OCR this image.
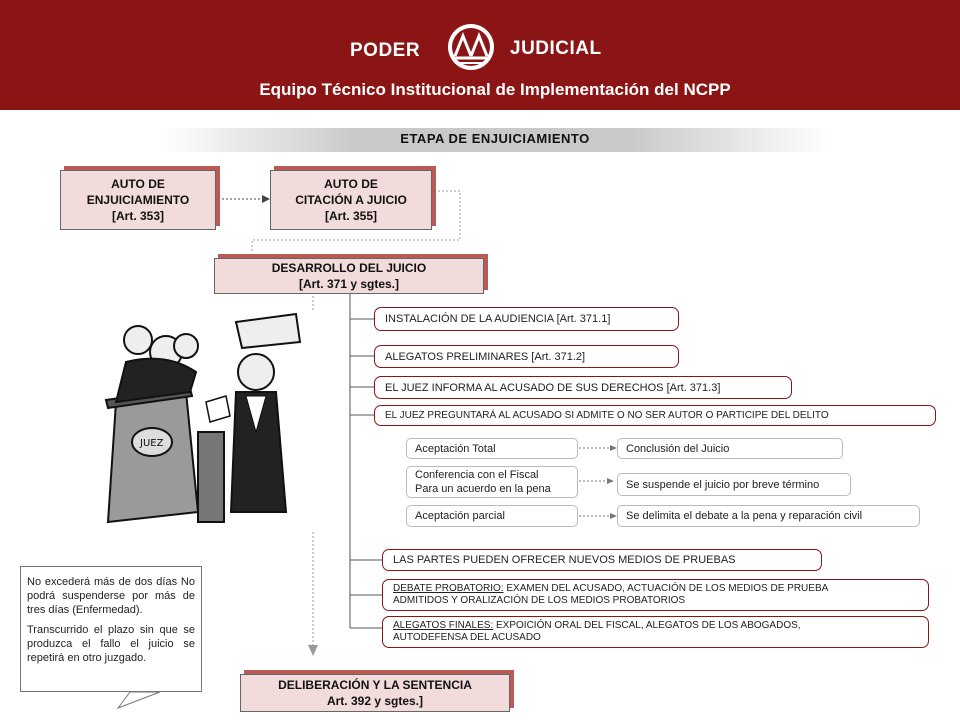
PODER	JUDICIAL
Equipo Técnico Institucional de Implementación del NCPP
ETAPA DE ENJUICIAMIENTO
AUTO DE
ENJUICIAMIENTO
[Art. 353]
AUTO DE
CITACIÓN A JUICIO
[Art. 355]
DESARROLLO DEL JUICIO
[Art. 371 y sgtes.]
JUEZ
INSTALACIÓN DE LA AUDIENCIA [Art. 371.1]
ALEGATOS PRELIMINARES [Art. 371.2]
EL JUEZ INFORMA AL ACUSADO DE SUS DERECHOS [Art. 371.3]
EL JUEZ PREGUNTARÁ AL ACUSADO SI ADMITE O NO SER AUTOR O PARTICIPE DEL DELITO
Aceptación Total	Conclusión del Juicio
Conferencia con el Fiscal
Para un acuerdo en la pena	Se suspende el juicio por breve término
Aceptación parcial	Se delimita el debate a la pena y reparación civil
LAS PARTES PUEDEN OFRECER NUEVOS MEDIOS DE PRUEBAS
DEBATE PROBATORIO: EXAMEN DEL ACUSADO, ACTUACIÓN DE LOS MEDIOS DE PRUEBA
ADMITIDOS Y ORALIZACIÓN DE LOS MEDIOS PROBATORIOS
ALEGATOS FINALES: EXPOICIÓN ORAL DEL FISCAL, ALEGATOS DE LOS ABOGADOS,
AUTODEFENSA DEL ACUSADO

No excederá más de dos días No podrá suspenderse por más de tres días (Enfermedad).

Transcurrido el plazo sin que se produzca el fallo el juicio se repetirá en otro juzgado.

DELIBERACIÓN Y LA SENTENCIA
Art. 392 y sgtes.]
